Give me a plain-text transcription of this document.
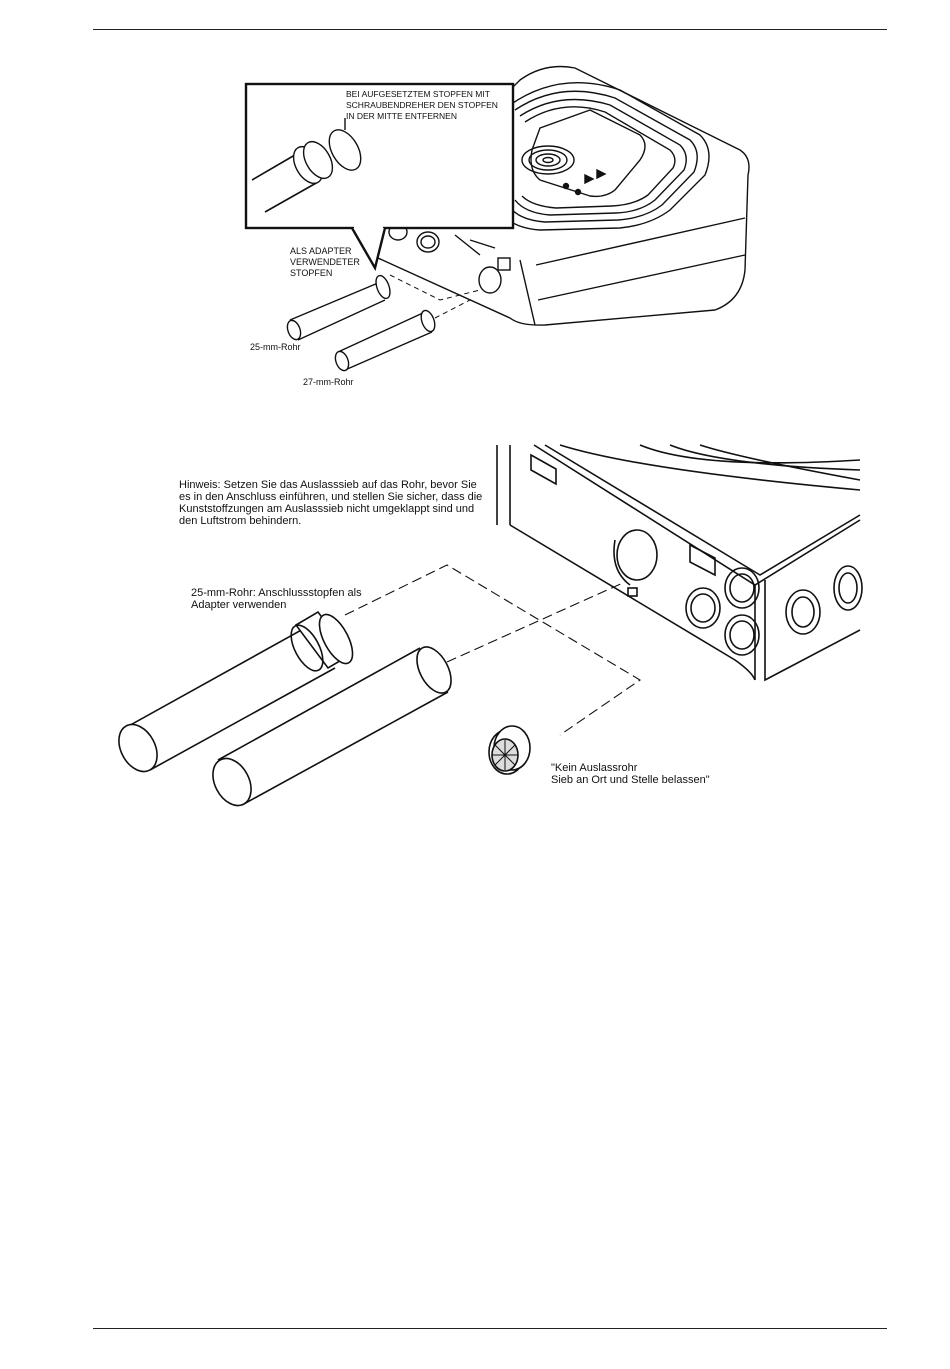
BEI AUFGESETZTEM STOPFEN MIT
SCHRAUBENDREHER DEN STOPFEN
IN DER MITTE ENTFERNEN
ALS ADAPTER
VERWENDETER
STOPFEN
25-mm-Rohr
27-mm-Rohr
Hinweis: Setzen Sie das Auslasssieb auf das Rohr, bevor Sie
es in den Anschluss einführen, und stellen Sie sicher, dass die
Kunststoffzungen am Auslasssieb nicht umgeklappt sind und
den Luftstrom behindern.
25-mm-Rohr: Anschlussstopfen als
Adapter verwenden
"Kein Auslassrohr
Sieb an Ort und Stelle belassen"
